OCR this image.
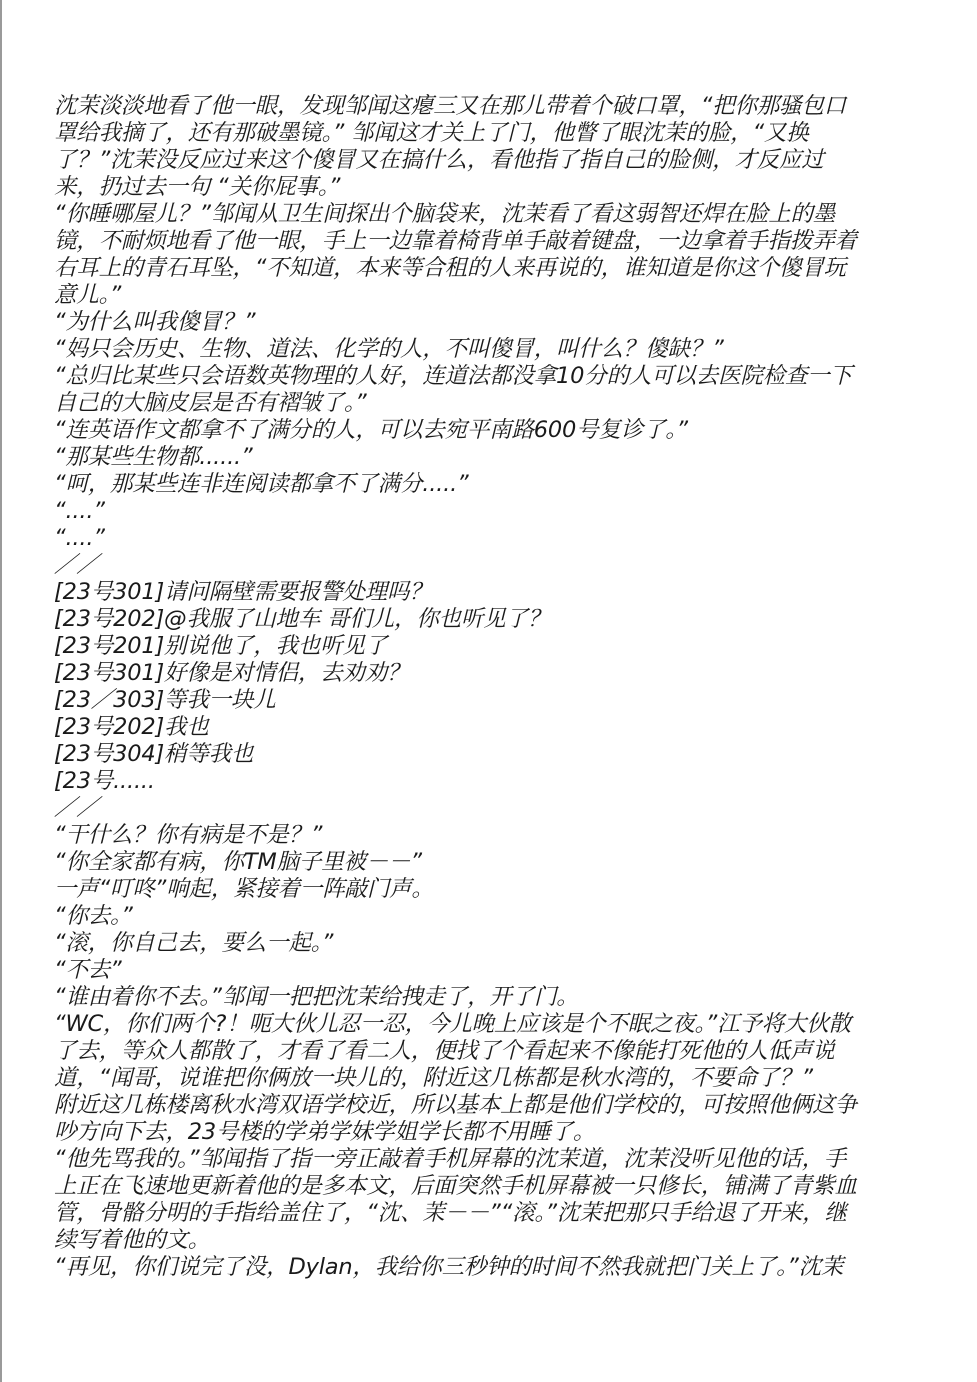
沈茉淡淡地看了他一眼，发现邹闻这瘪三又在那儿带着个破口罩，“把你那骚包口
罩给我摘了，还有那破墨镜。” 邹闻这才关上了门，他瞥了眼沈茉的脸，“又换
了？”沈茉没反应过来这个傻冒又在搞什么，看他指了指自己的脸侧，才反应过
来，扔过去一句 “关你屁事。”
“你睡哪屋儿？”邹闻从卫生间探出个脑袋来，沈茉看了看这弱智还焊在脸上的墨
镜，不耐烦地看了他一眼，手上一边靠着椅背单手敲着键盘，一边拿着手指拨弄着
右耳上的青石耳坠，“不知道，本来等合租的人来再说的，谁知道是你这个傻冒玩
意儿。”
“为什么叫我傻冒？”
“妈只会历史、生物、道法、化学的人，不叫傻冒，叫什么？傻缺？”
“总归比某些只会语数英物理的人好，连道法都没拿10分的人可以去医院检查一下
自己的大脑皮层是否有褶皱了。”
“连英语作文都拿不了满分的人，可以去宛平南路600号复诊了。”
“那某些生物都......”
“呵，那某些连非连阅读都拿不了满分.....”
“....”
“....”
／／
[23号301]请问隔壁需要报警处理吗？
[23号202]@我服了山地车 哥们儿，你也听见了？
[23号201]别说他了，我也听见了
[23号301]好像是对情侣，去劝劝？
[23／303]等我一块儿
[23号202]我也
[23号304]稍等我也
[23号......
／／
“干什么？你有病是不是？”
“你全家都有病，你TM脑子里被－－”
一声“叮咚”响起，紧接着一阵敲门声。
“你去。”
“滚，你自己去，要么一起。”
“不去”
“谁由着你不去。”邹闻一把把沈茉给拽走了，开了门。
“WC，你们两个?！呃大伙儿忍一忍，今儿晚上应该是个不眠之夜。”江予将大伙散
了去，等众人都散了，才看了看二人，便找了个看起来不像能打死他的人低声说
道，“闻哥，说谁把你俩放一块儿的，附近这几栋都是秋水湾的，不要命了？”
附近这几栋楼离秋水湾双语学校近，所以基本上都是他们学校的，可按照他俩这争
吵方向下去，23号楼的学弟学妹学姐学长都不用睡了。
“他先骂我的。”邹闻指了指一旁正敲着手机屏幕的沈茉道，沈茉没听见他的话，手
上正在飞速地更新着他的是多本文，后面突然手机屏幕被一只修长，铺满了青紫血
管，骨骼分明的手指给盖住了，“沈、茉－－”“滚。”沈茉把那只手给退了开来，继
续写着他的文。
“再见，你们说完了没，Dylan，我给你三秒钟的时间不然我就把门关上了。”沈茉
